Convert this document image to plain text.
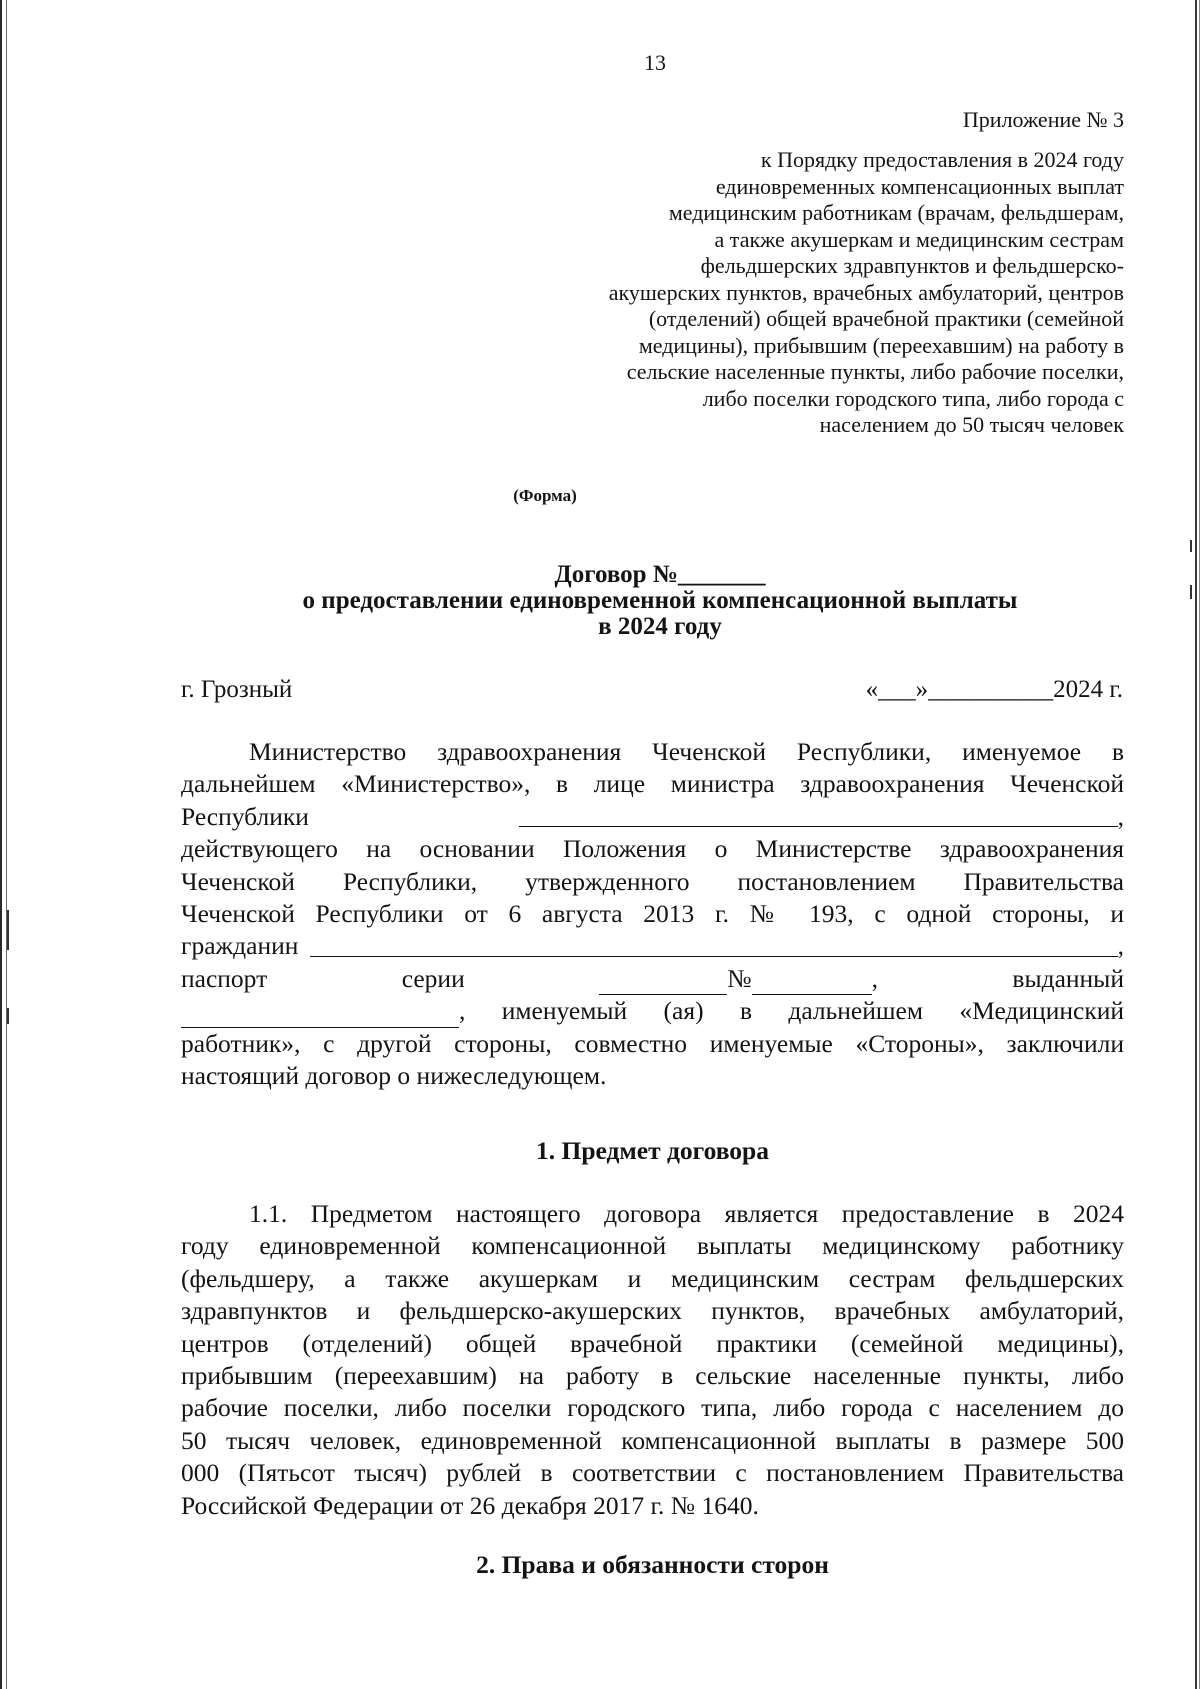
13
Приложение № 3
к Порядку предоставления в 2024 году
единовременных компенсационных выплат
медицинским работникам (врачам, фельдшерам,
а также акушеркам и медицинским сестрам
фельдшерских здравпунктов и фельдшерско-
акушерских пунктов, врачебных амбулаторий, центров
(отделений) общей врачебной практики (семейной
медицины), прибывшим (переехавшим) на работу в
сельские населенные пункты, либо рабочие поселки,
либо поселки городского типа, либо города с
населением до 50 тысяч человек
(Форма)
Договор №_______
о предоставлении единовременной компенсационной выплаты
в 2024 году
г. Грозный	«___»__________2024 г.
Министерство здравоохранения Чеченской Республики, именуемое в
дальнейшем «Министерство», в лице министра здравоохранения Чеченской
Республики	,
действующего на основании Положения о Министерстве здравоохранения
Чеченской Республики, утвержденного постановлением Правительства
Чеченской Республики от 6 августа 2013 г. № 193, с одной стороны, и
гражданин	,
паспорт	серии	№	,	выданный
, именуемый (ая) в дальнейшем «Медицинский
работник», с другой стороны, совместно именуемые «Стороны», заключили
настоящий договор о нижеследующем.
1. Предмет договора
1.1. Предметом настоящего договора является предоставление в 2024
году единовременной компенсационной выплаты медицинскому работнику
(фельдшеру, а также акушеркам и медицинским сестрам фельдшерских
здравпунктов и фельдшерско-акушерских пунктов, врачебных амбулаторий,
центров (отделений) общей врачебной практики (семейной медицины),
прибывшим (переехавшим) на работу в сельские населенные пункты, либо
рабочие поселки, либо поселки городского типа, либо города с населением до
50 тысяч человек, единовременной компенсационной выплаты в размере 500
000 (Пятьсот тысяч) рублей в соответствии с постановлением Правительства
Российской Федерации от 26 декабря 2017 г. № 1640.
2. Права и обязанности сторон
